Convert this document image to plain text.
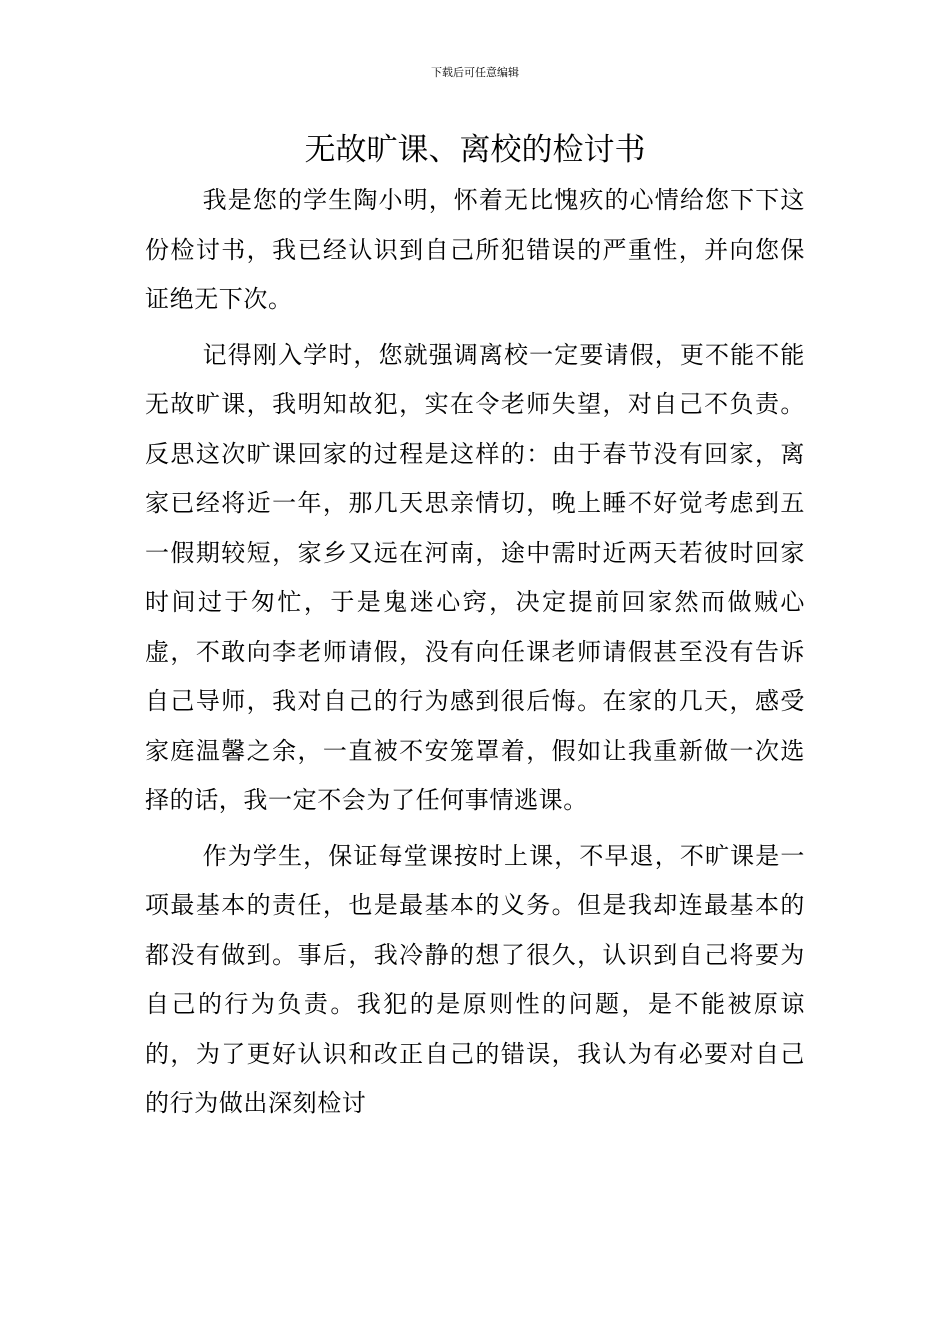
下载后可任意编辑
无故旷课、离校的检讨书

我是您的学生陶小明，怀着无比愧疚的心情给您下下这份检讨书，我已经认识到自己所犯错误的严重性，并向您保证绝无下次。

记得刚入学时，您就强调离校一定要请假，更不能不能无故旷课，我明知故犯，实在令老师失望，对自己不负责。反思这次旷课回家的过程是这样的：由于春节没有回家，离家已经将近一年，那几天思亲情切，晚上睡不好觉考虑到五一假期较短，家乡又远在河南，途中需时近两天若彼时回家时间过于匆忙，于是鬼迷心窍，决定提前回家然而做贼心虚，不敢向李老师请假，没有向任课老师请假甚至没有告诉自己导师，我对自己的行为感到很后悔。在家的几天，感受家庭温馨之余，一直被不安笼罩着，假如让我重新做一次选择的话，我一定不会为了任何事情逃课。

作为学生，保证每堂课按时上课，不早退，不旷课是一项最基本的责任，也是最基本的义务。但是我却连最基本的都没有做到。事后，我冷静的想了很久，认识到自己将要为自己的行为负责。我犯的是原则性的问题，是不能被原谅的，为了更好认识和改正自己的错误，我认为有必要对自己的行为做出深刻检讨
